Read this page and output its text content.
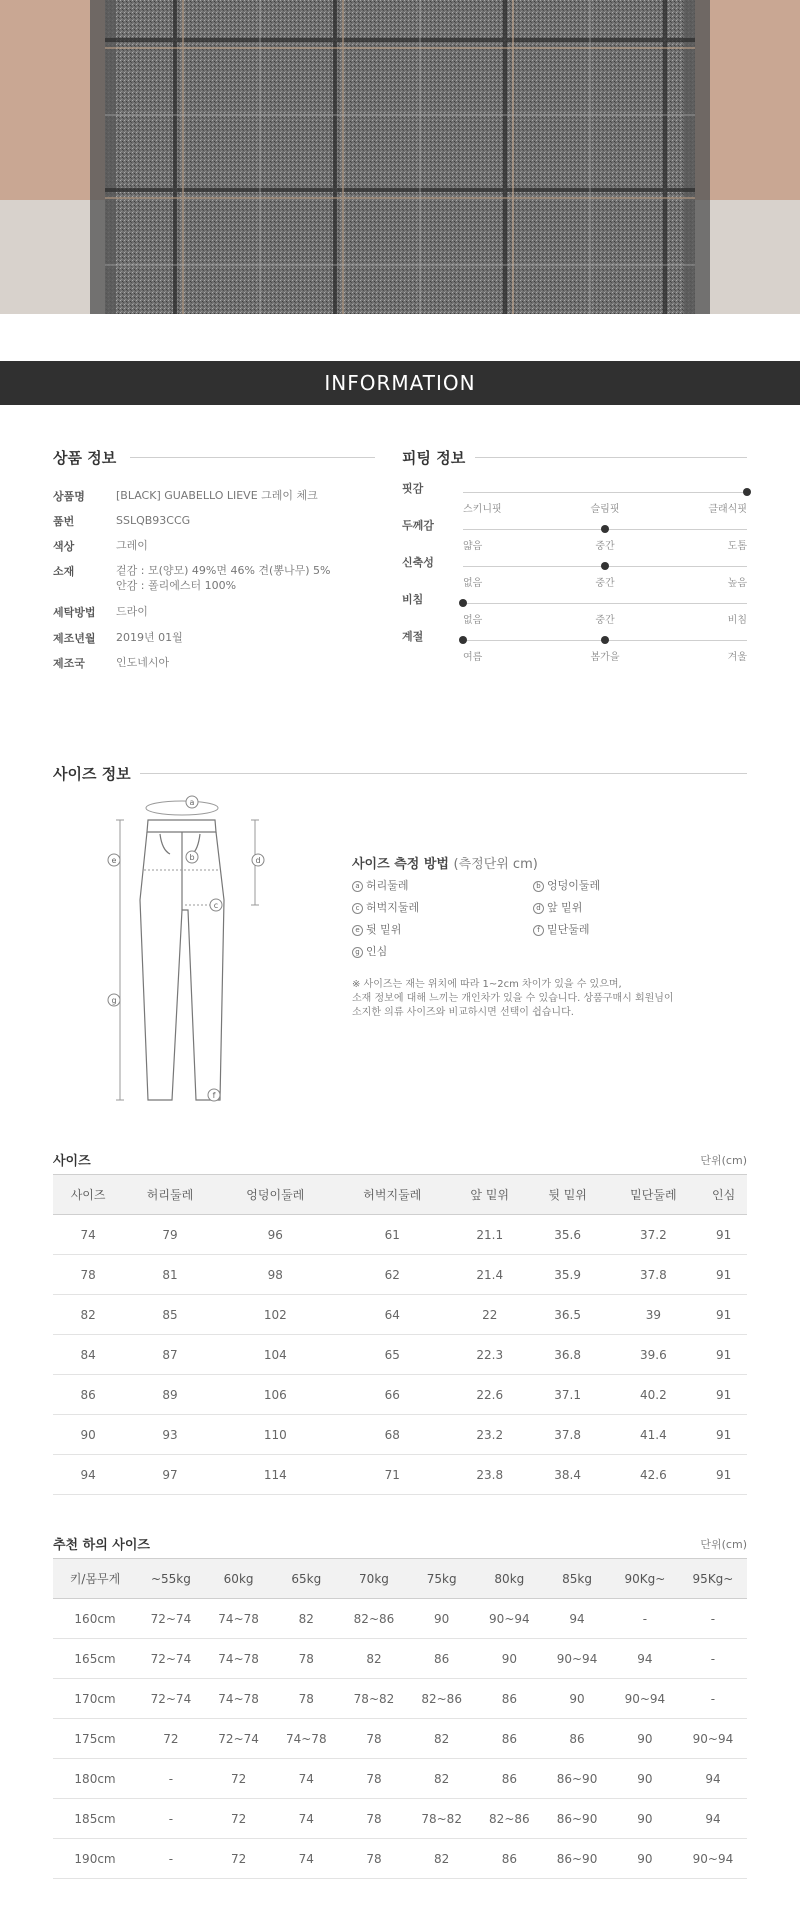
INFORMATION
상품 정보
상품명	[BLACK] GUABELLO LIEVE 그레이 체크
품번	SSLQB93CCG
색상	그레이
소재	겉감 : 모(양모) 49%면 46% 견(뽕나무) 5%
안감 : 폴리에스터 100%
세탁방법	드라이
제조년월	2019년 01월
제조국	인도네시아
피팅 정보
핏감
스키니핏	슬림핏	클래식핏
두께감
얇음	중간	도톰
신축성
없음	중간	높음
비침
없음	중간	비침
계절
여름	봄가을	겨울
사이즈 정보
a
b
c
d
e
f
g
사이즈 측정 방법 (측정단위 cm)
a 허리둘레	b 엉덩이둘레
c 허벅지둘레	d 앞 밑위
e 뒷 밑위	f 밑단둘레
g 인심
※ 사이즈는 재는 위치에 따라 1~2cm 차이가 있을 수 있으며,
소재 정보에 대해 느끼는 개인차가 있을 수 있습니다. 상품구매시 회원님이
소지한 의류 사이즈와 비교하시면 선택이 쉽습니다.
사이즈	단위(cm)
사이즈	허리둘레	엉덩이둘레	허벅지둘레	앞 밑위	뒷 밑위	밑단둘레	인심
74	79	96	61	21.1	35.6	37.2	91
78	81	98	62	21.4	35.9	37.8	91
82	85	102	64	22	36.5	39	91
84	87	104	65	22.3	36.8	39.6	91
86	89	106	66	22.6	37.1	40.2	91
90	93	110	68	23.2	37.8	41.4	91
94	97	114	71	23.8	38.4	42.6	91
추천 하의 사이즈	단위(cm)
키/몸무게	~55kg	60kg	65kg	70kg	75kg	80kg	85kg	90Kg~	95Kg~
160cm	72~74	74~78	82	82~86	90	90~94	94	-	-
165cm	72~74	74~78	78	82	86	90	90~94	94	-
170cm	72~74	74~78	78	78~82	82~86	86	90	90~94	-
175cm	72	72~74	74~78	78	82	86	86	90	90~94
180cm	-	72	74	78	82	86	86~90	90	94
185cm	-	72	74	78	78~82	82~86	86~90	90	94
190cm	-	72	74	78	82	86	86~90	90	90~94
